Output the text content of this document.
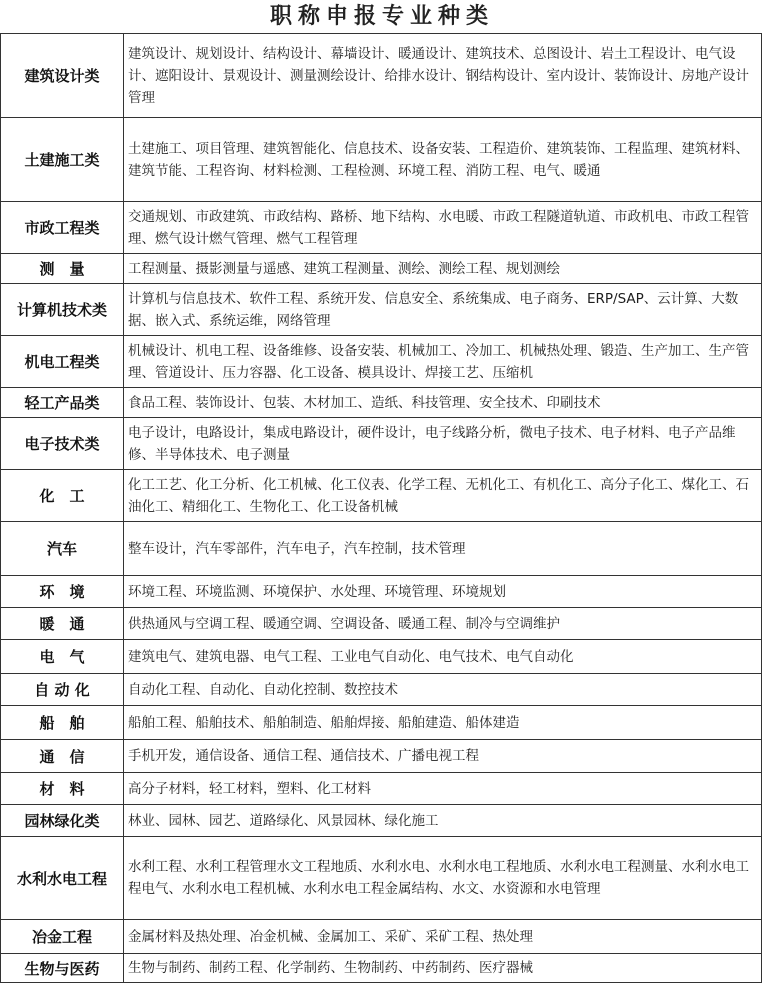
职称申报专业种类
建筑设计类	建筑设计、规划设计、结构设计、幕墙设计、暖通设计、建筑技术、总图设计、岩土工程设计、电气设计、遮阳设计、景观设计、测量测绘设计、给排水设计、钢结构设计、室内设计、装饰设计、房地产设计管理
土建施工类	土建施工、项目管理、建筑智能化、信息技术、设备安装、工程造价、建筑装饰、工程监理、建筑材料、建筑节能、工程咨询、材料检测、工程检测、环境工程、消防工程、电气、暖通
市政工程类	交通规划、市政建筑、市政结构、路桥、地下结构、水电暖、市政工程隧道轨道、市政机电、市政工程管理、燃气设计燃气管理、燃气工程管理
测　量	工程测量、摄影测量与遥感、建筑工程测量、测绘、测绘工程、规划测绘
计算机技术类	计算机与信息技术、软件工程、系统开发、信息安全、系统集成、电子商务、ERP/SAP、云计算、大数据、嵌入式、系统运维，网络管理
机电工程类	机械设计、机电工程、设备维修、设备安装、机械加工、冷加工、机械热处理、锻造、生产加工、生产管理、管道设计、压力容器、化工设备、模具设计、焊接工艺、压缩机
轻工产品类	食品工程、装饰设计、包装、木材加工、造纸、科技管理、安全技术、印刷技术
电子技术类	电子设计，电路设计，集成电路设计，硬件设计，电子线路分析，微电子技术、电子材料、电子产品维修、半导体技术、电子测量
化　工	化工工艺、化工分析、化工机械、化工仪表、化学工程、无机化工、有机化工、高分子化工、煤化工、石油化工、精细化工、生物化工、化工设备机械
汽车	整车设计，汽车零部件，汽车电子，汽车控制，技术管理
环　境	环境工程、环境监测、环境保护、水处理、环境管理、环境规划
暖　通	供热通风与空调工程、暖通空调、空调设备、暖通工程、制冷与空调维护
电　气	建筑电气、建筑电器、电气工程、工业电气自动化、电气技术、电气自动化
自 动 化	自动化工程、自动化、自动化控制、数控技术
船　舶	船舶工程、船舶技术、船舶制造、船舶焊接、船舶建造、船体建造
通　信	手机开发，通信设备、通信工程、通信技术、广播电视工程
材　料	高分子材料，轻工材料，塑料、化工材料
园林绿化类	林业、园林、园艺、道路绿化、风景园林、绿化施工
水利水电工程	水利工程、水利工程管理水文工程地质、水利水电、水利水电工程地质、水利水电工程测量、水利水电工程电气、水利水电工程机械、水利水电工程金属结构、水文、水资源和水电管理
冶金工程	金属材料及热处理、冶金机械、金属加工、采矿、采矿工程、热处理
生物与医药	生物与制药、制药工程、化学制药、生物制药、中药制药、医疗器械
